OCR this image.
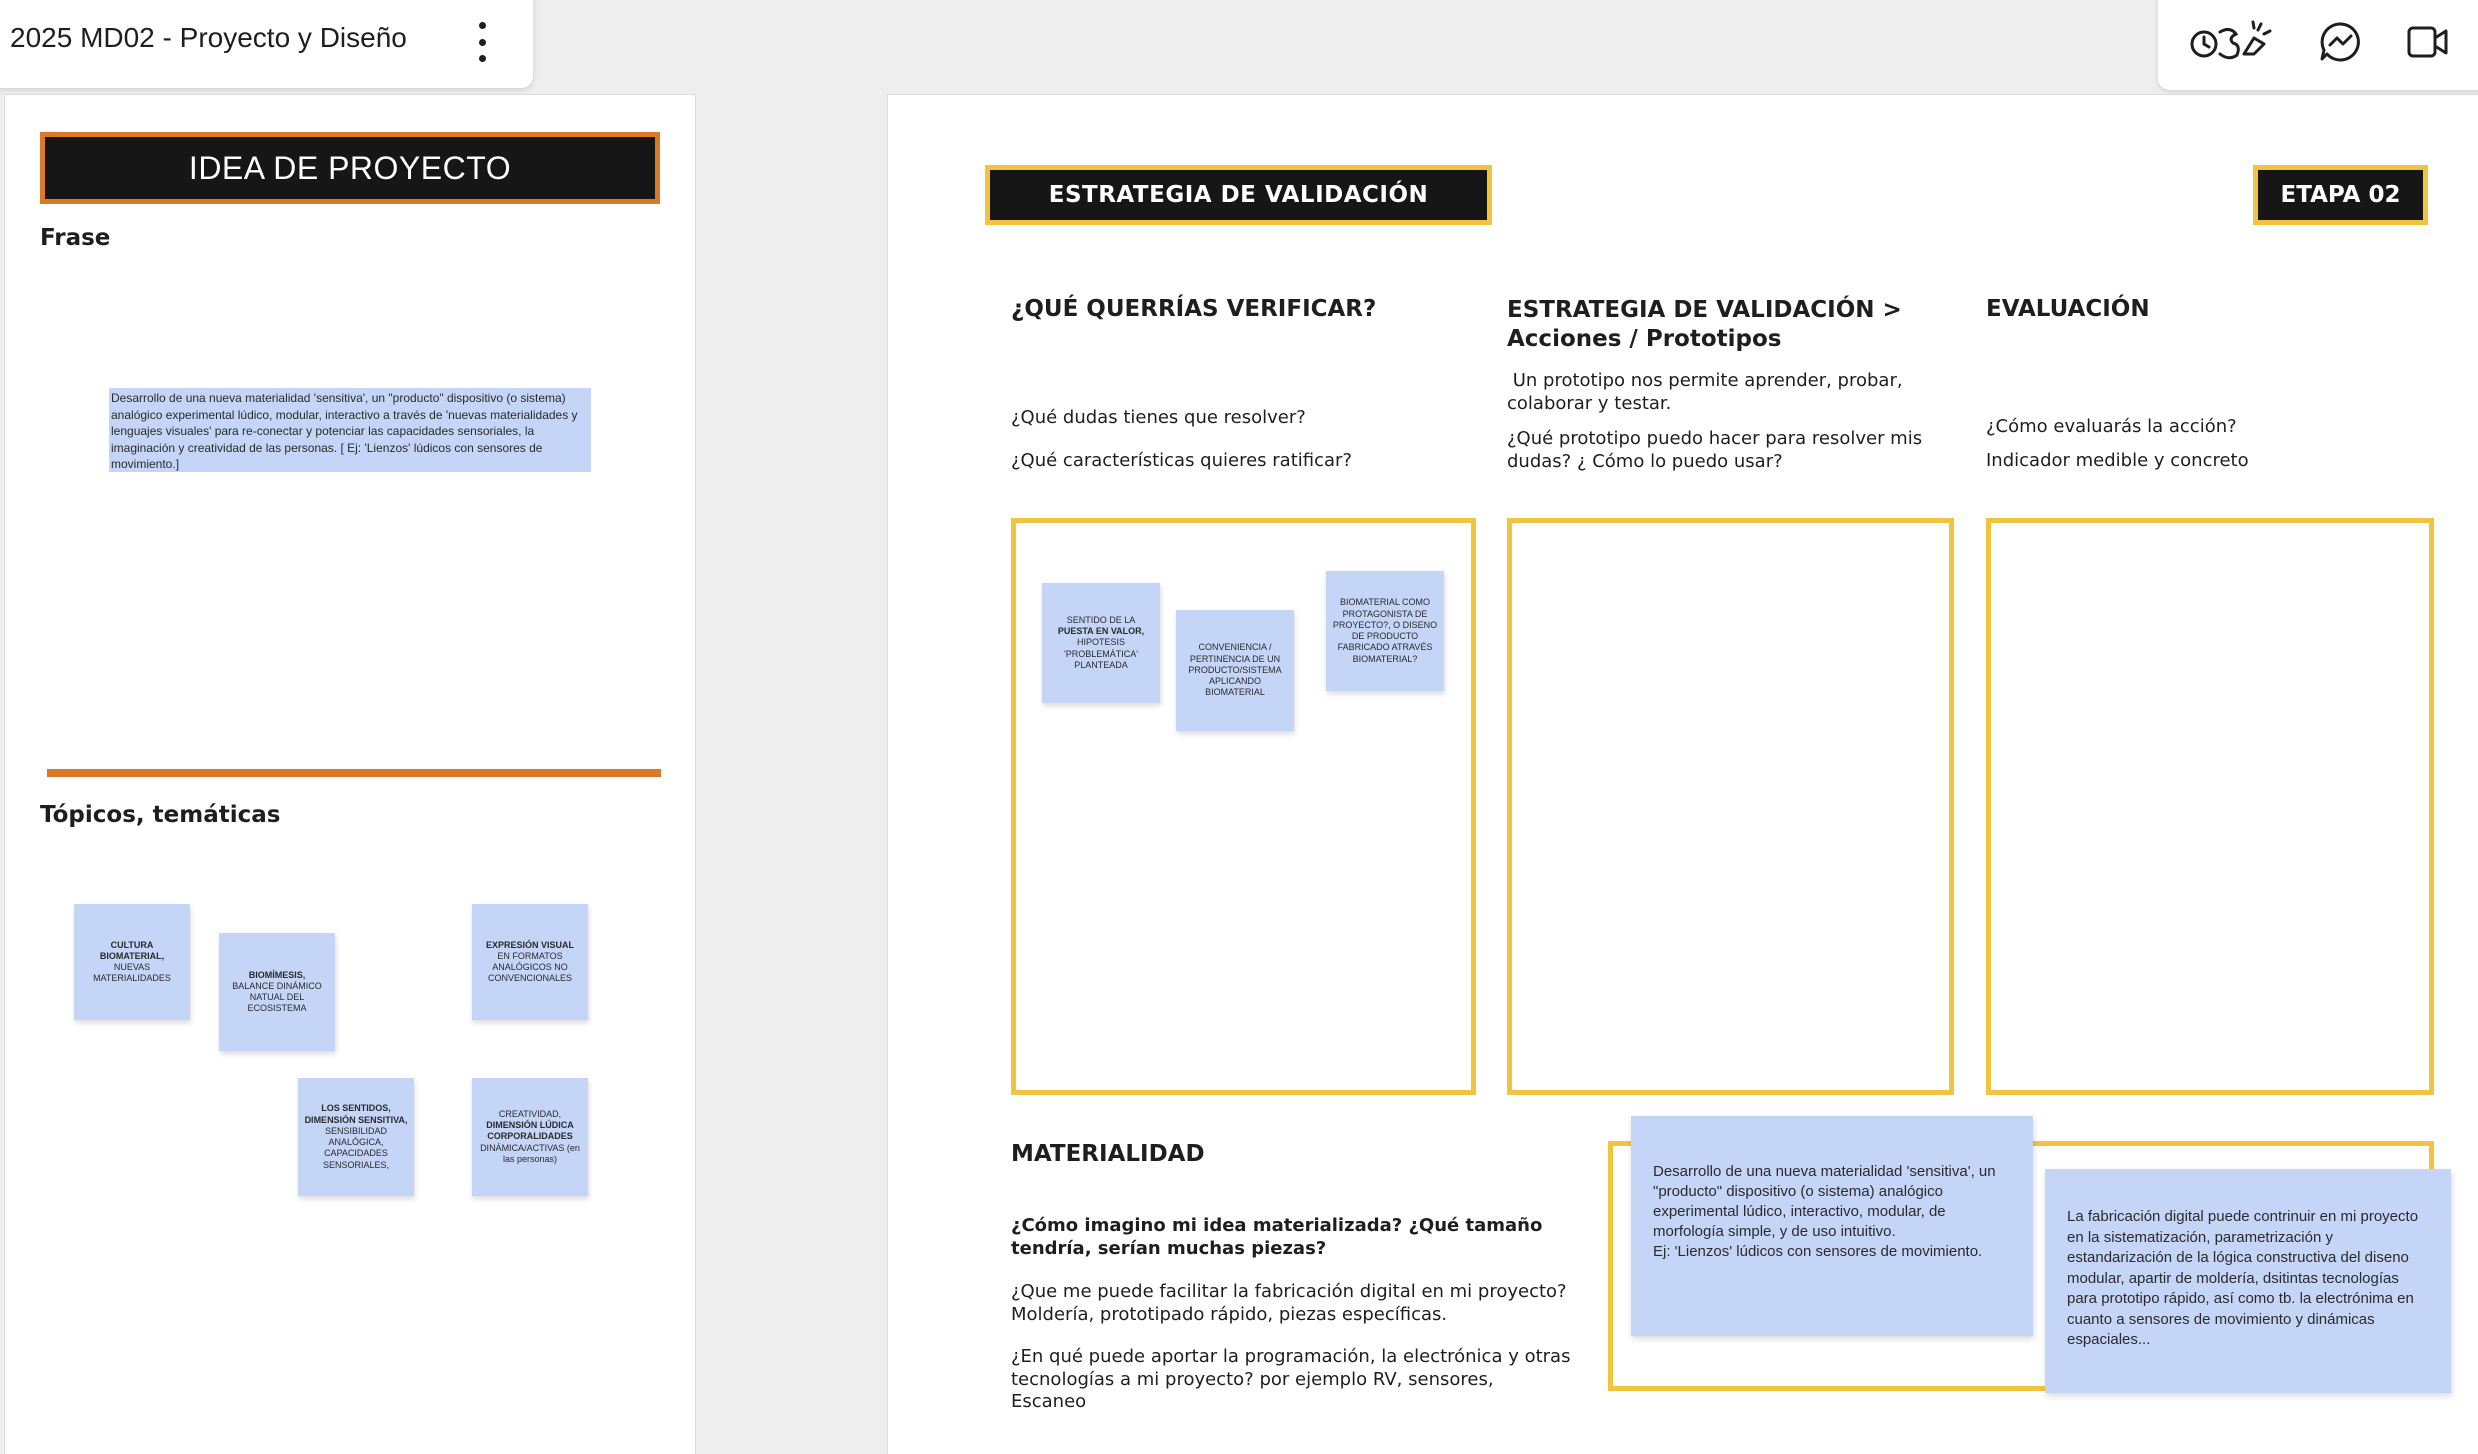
2025 MD02 - Proyecto y Diseño
IDEA DE PROYECTO
Frase
Desarrollo de una nueva materialidad 'sensitiva', un "producto" dispositivo (o sistema) analógico experimental lúdico, modular, interactivo a través de 'nuevas materialidades y lenguajes visuales' para re-conectar y potenciar las capacidades sensoriales, la imaginación y creatividad de las personas. [ Ej: 'Lienzos' lúdicos con sensores de movimiento.]
Tópicos, temáticas
CULTURA BIOMATERIAL,
NUEVAS MATERIALIDADES	BIOMÍMESIS,
BALANCE DINÁMICO NATUAL DEL ECOSISTEMA
EXPRESIÓN VISUAL
EN FORMATOS ANALÓGICOS NO CONVENCIONALES
LOS SENTIDOS, DIMENSIÓN SENSITIVA,
SENSIBILIDAD ANALÓGICA, CAPACIDADES SENSORIALES,
CREATIVIDAD,
DIMENSIÓN LÚDICA CORPORALIDADES
DINÁMICA/ACTIVAS (en las personas)
ESTRATEGIA DE VALIDACIÓN	ETAPA 02
¿QUÉ QUERRÍAS VERIFICAR?
¿Qué dudas tienes que resolver?
¿Qué características quieres ratificar?
ESTRATEGIA DE VALIDACIÓN >
Acciones / Prototipos
Un prototipo nos permite aprender, probar, colaborar y testar.
¿Qué prototipo puedo hacer para resolver mis dudas? ¿ Cómo lo puedo usar?
EVALUACIÓN
¿Cómo evaluarás la acción?
Indicador medible y concreto
SENTIDO DE LA
PUESTA EN VALOR,
HIPOTESIS 'PROBLEMÁTICA' PLANTEADA
CONVENIENCIA / PERTINENCIA DE UN PRODUCTO/SISTEMA APLICANDO BIOMATERIAL
BIOMATERIAL COMO PROTAGONISTA DE PROYECTO?, O DISENO DE PRODUCTO FABRICADO ATRAVÉS BIOMATERIAL?
MATERIALIDAD
¿Cómo imagino mi idea materializada? ¿Qué tamaño tendría, serían muchas piezas?
¿Que me puede facilitar la fabricación digital en mi proyecto? Moldería, prototipado rápido, piezas específicas.
¿En qué puede aportar la programación, la electrónica y otras tecnologías a mi proyecto? por ejemplo RV, sensores, Escaneo
Desarrollo de una nueva materialidad 'sensitiva', un "producto" dispositivo (o sistema) analógico experimental lúdico, interactivo, modular, de morfología simple, y de uso intuitivo.
Ej: 'Lienzos' lúdicos con sensores de movimiento.
La fabricación digital puede contrinuir en mi proyecto en la sistematización, parametrización y estandarización de la lógica constructiva del diseno modular, apartir de moldería, dsitintas tecnologías para prototipo rápido, así como tb. la electrónima en cuanto a sensores de movimiento y dinámicas espaciales...
